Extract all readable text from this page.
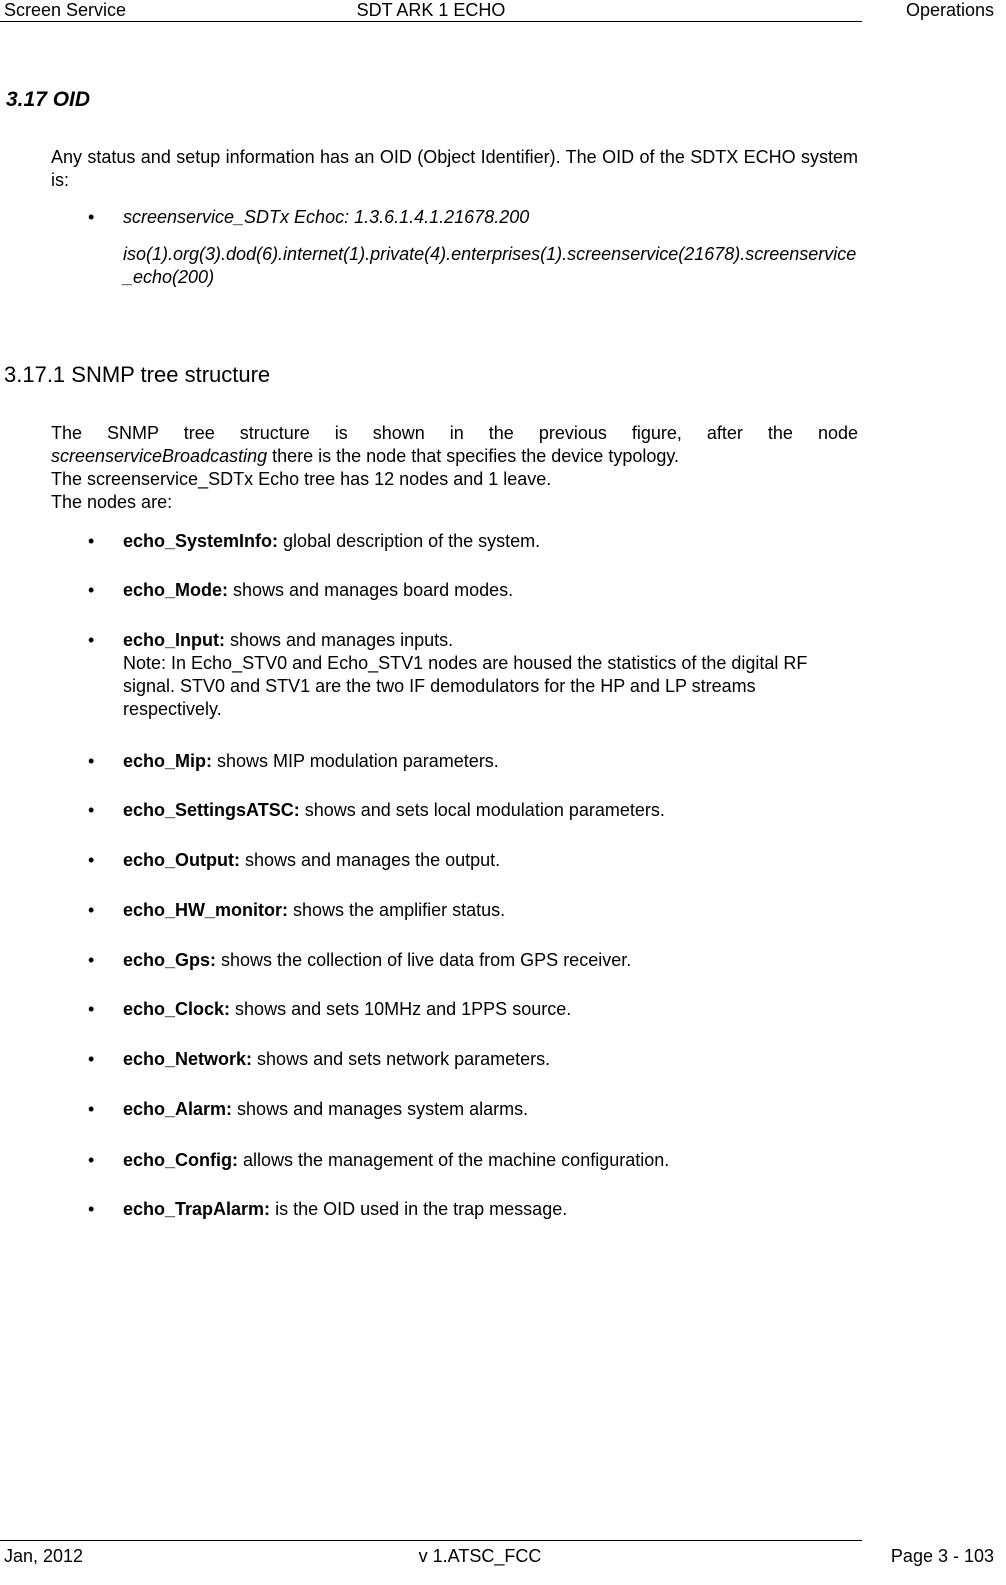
Screen Service	SDT ARK 1 ECHO	Operations
3.17 OID
Any status and setup information has an OID (Object Identifier). The OID of the SDTX ECHO system is:
• screenservice_SDTx Echoc: 1.3.6.1.4.1.21678.200
iso(1).org(3).dod(6).internet(1).private(4).enterprises(1).screenservice(21678).screenservice_echo(200)
3.17.1 SNMP tree structure
The SNMP tree structure is shown in the previous figure, after the node
screenserviceBroadcasting there is the node that specifies the device typology.
The screenservice_SDTx Echo tree has 12 nodes and 1 leave.
The nodes are:
• echo_SystemInfo: global description of the system.
• echo_Mode: shows and manages board modes.
• echo_Input: shows and manages inputs.
Note: In Echo_STV0 and Echo_STV1 nodes are housed the statistics of the digital RF signal. STV0 and STV1 are the two IF demodulators for the HP and LP streams respectively.
• echo_Mip: shows MIP modulation parameters.
• echo_SettingsATSC: shows and sets local modulation parameters.
• echo_Output: shows and manages the output.
• echo_HW_monitor: shows the amplifier status.
• echo_Gps: shows the collection of live data from GPS receiver.
• echo_Clock: shows and sets 10MHz and 1PPS source.
• echo_Network: shows and sets network parameters.
• echo_Alarm: shows and manages system alarms.
• echo_Config: allows the management of the machine configuration.
• echo_TrapAlarm: is the OID used in the trap message.
Jan, 2012	v 1.ATSC_FCC	Page 3 - 103
